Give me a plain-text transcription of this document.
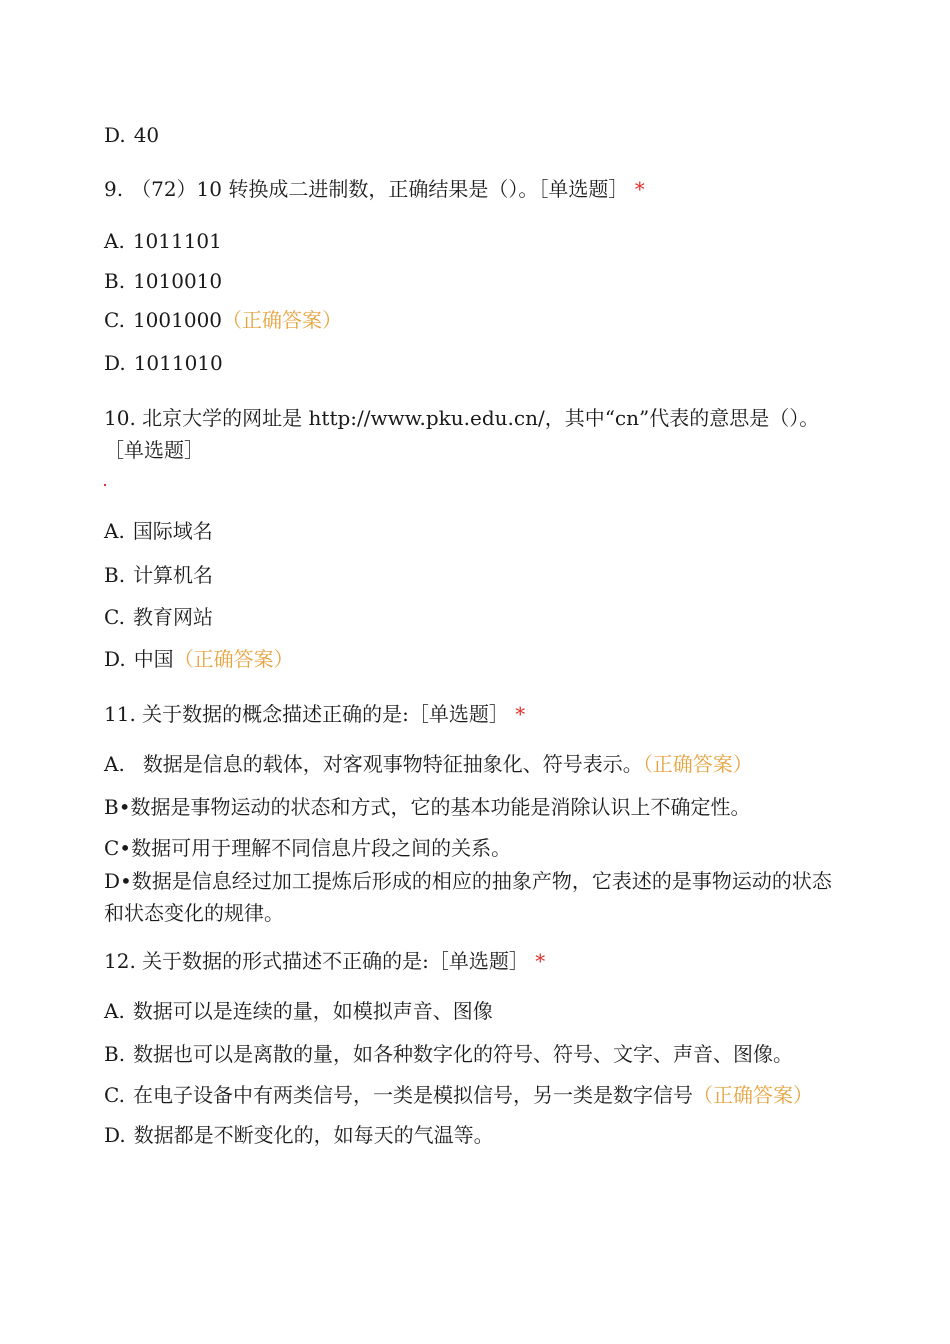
D. 40
9. （72）10 转换成二进制数，正确结果是（）。［单选题］ *
A. 1011101
B. 1010010
C. 1001000（正确答案）
D. 1011010
10. 北京大学的网址是 http://www.pku.edu.cn/，其中“cn”代表的意思是（）。［单选题］
A. 国际域名
B. 计算机名
C. 教育网站
D. 中国（正确答案）
11. 关于数据的概念描述正确的是:［单选题］ *
A. 数据是信息的载体，对客观事物特征抽象化、符号表示。（正确答案）
B•数据是事物运动的状态和方式，它的基本功能是消除认识上不确定性。
C•数据可用于理解不同信息片段之间的关系。
D•数据是信息经过加工提炼后形成的相应的抽象产物，它表述的是事物运动的状态和状态变化的规律。
12. 关于数据的形式描述不正确的是:［单选题］ *
A. 数据可以是连续的量，如模拟声音、图像
B. 数据也可以是离散的量，如各种数字化的符号、符号、文字、声音、图像。
C. 在电子设备中有两类信号，一类是模拟信号，另一类是数字信号（正确答案）
D. 数据都是不断变化的，如每天的气温等。
